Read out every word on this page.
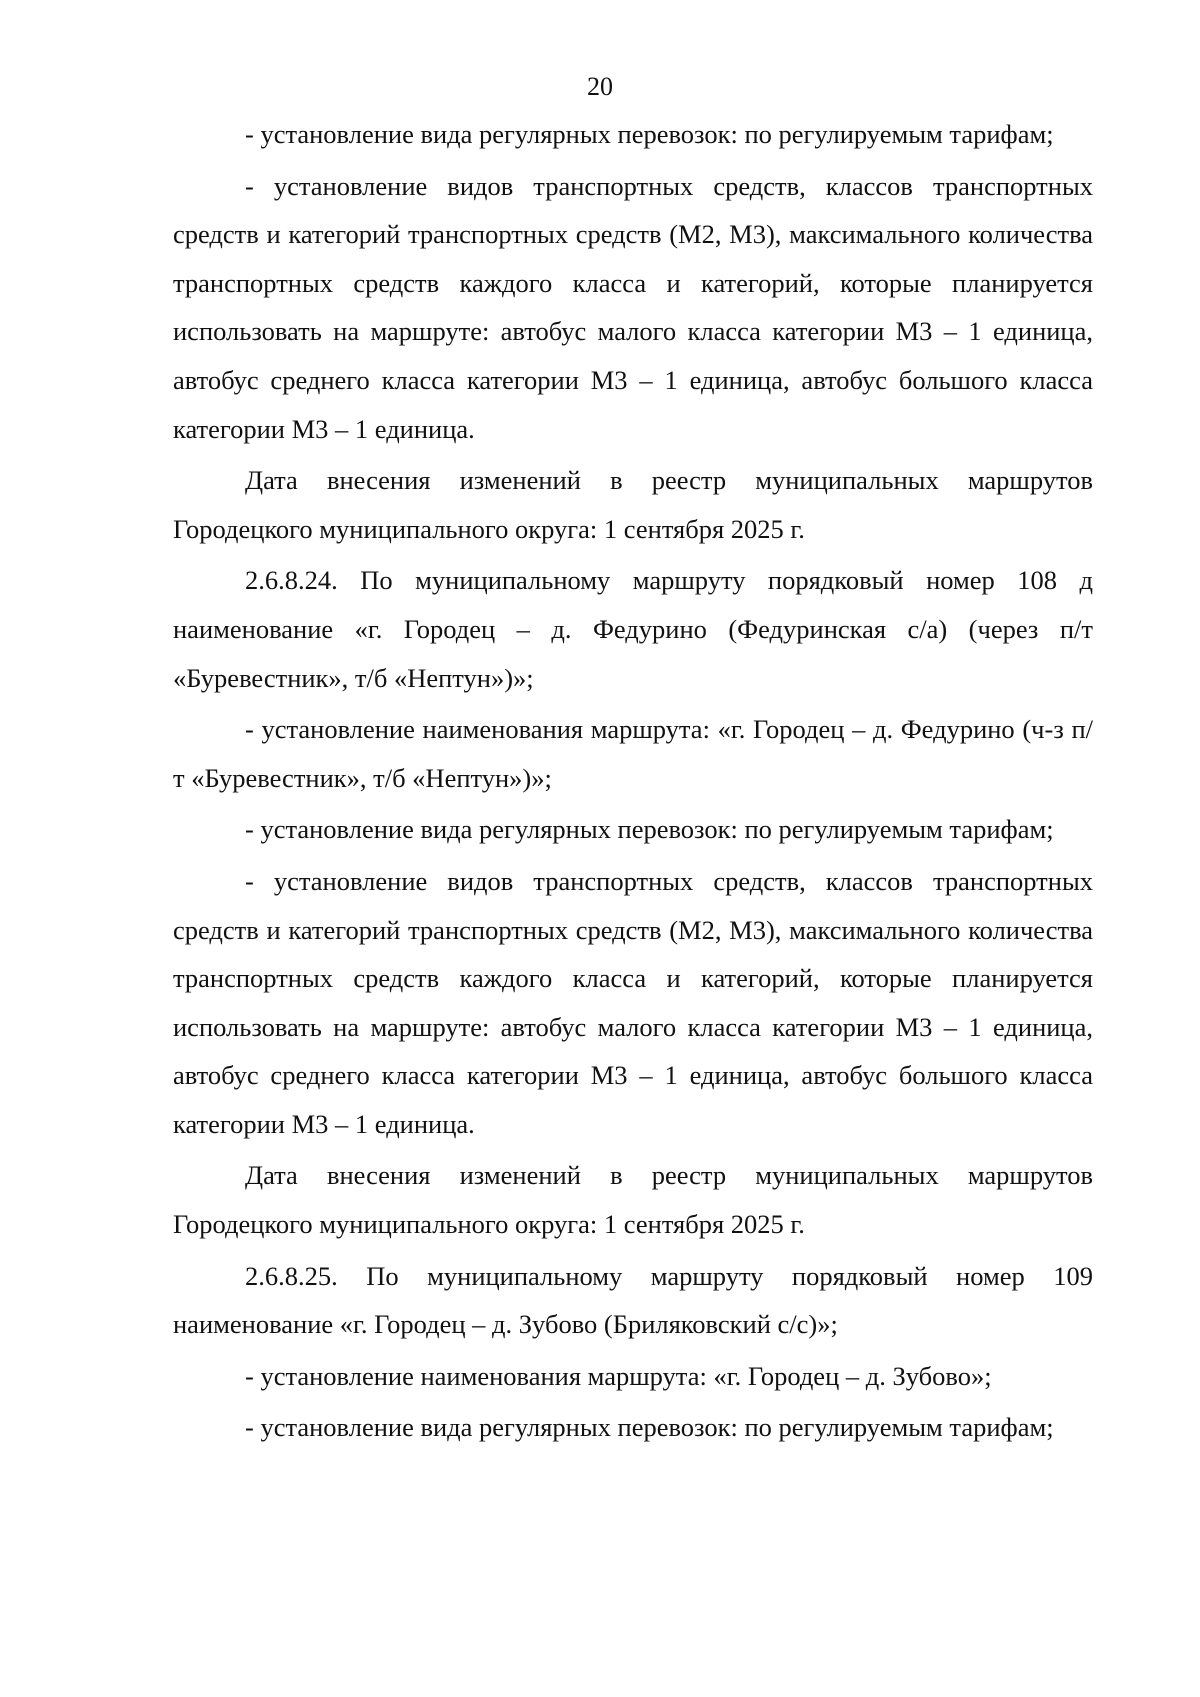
20

- установление вида регулярных перевозок: по регулируемым тарифам;

- установление видов транспортных средств, классов транспортных средств и категорий транспортных средств (М2, М3), максимального количества транспортных средств каждого класса и категорий, которые планируется использовать на маршруте: автобус малого класса категории М3 – 1 единица, автобус среднего класса категории М3 – 1 единица, автобус большого класса категории М3 – 1 единица.

Дата внесения изменений в реестр муниципальных маршрутов Городецкого муниципального округа: 1 сентября 2025 г.

2.6.8.24. По муниципальному маршруту порядковый номер 108 д наименование «г. Городец – д. Федурино (Федуринская с/а) (через п/т «Буревестник», т/б «Нептун»)»;

- установление наименования маршрута: «г. Городец – д. Федурино (ч-з п/т «Буревестник», т/б «Нептун»)»;

- установление вида регулярных перевозок: по регулируемым тарифам;

- установление видов транспортных средств, классов транспортных средств и категорий транспортных средств (М2, М3), максимального количества транспортных средств каждого класса и категорий, которые планируется использовать на маршруте: автобус малого класса категории М3 – 1 единица, автобус среднего класса категории М3 – 1 единица, автобус большого класса категории М3 – 1 единица.

Дата внесения изменений в реестр муниципальных маршрутов Городецкого муниципального округа: 1 сентября 2025 г.

2.6.8.25. По муниципальному маршруту порядковый номер 109 наименование «г. Городец – д. Зубово (Бриляковский с/с)»;

- установление наименования маршрута: «г. Городец – д. Зубово»;

- установление вида регулярных перевозок: по регулируемым тарифам;
